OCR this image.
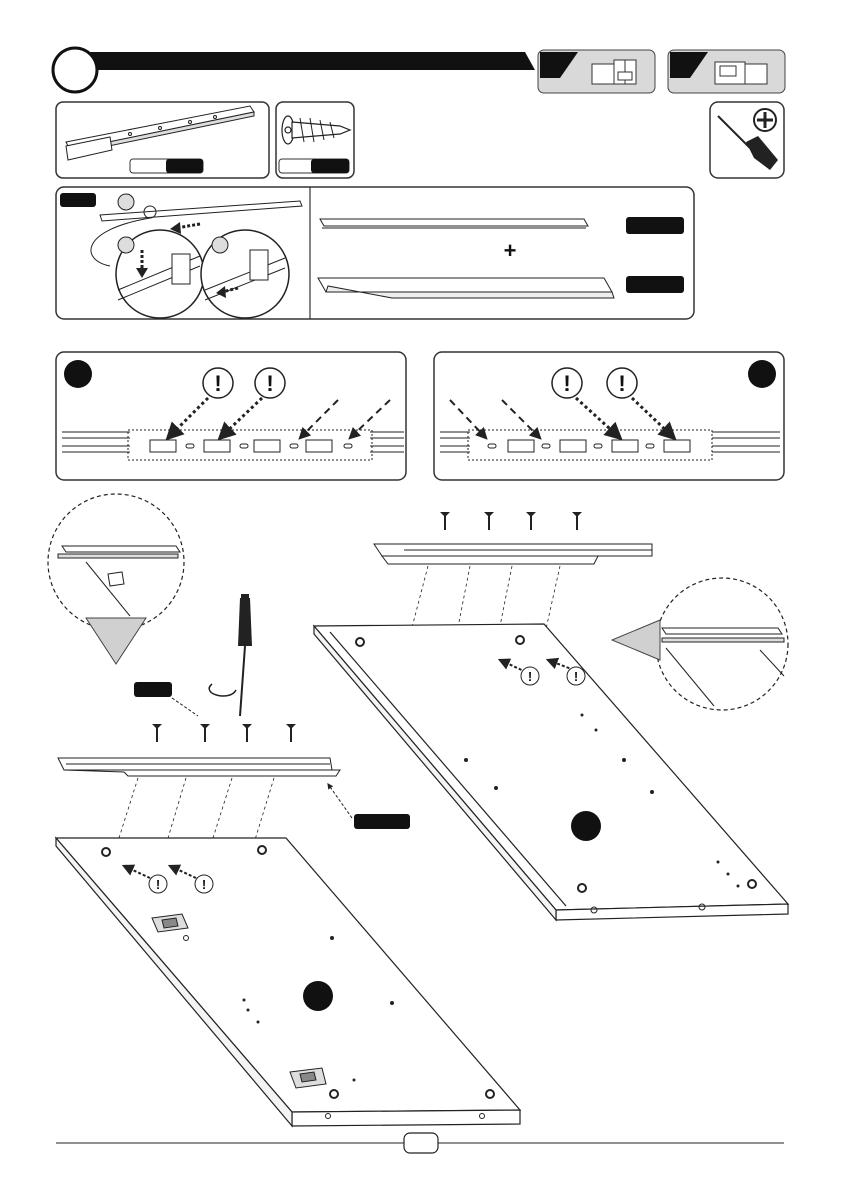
+
! !	! !
!	!
!	!
